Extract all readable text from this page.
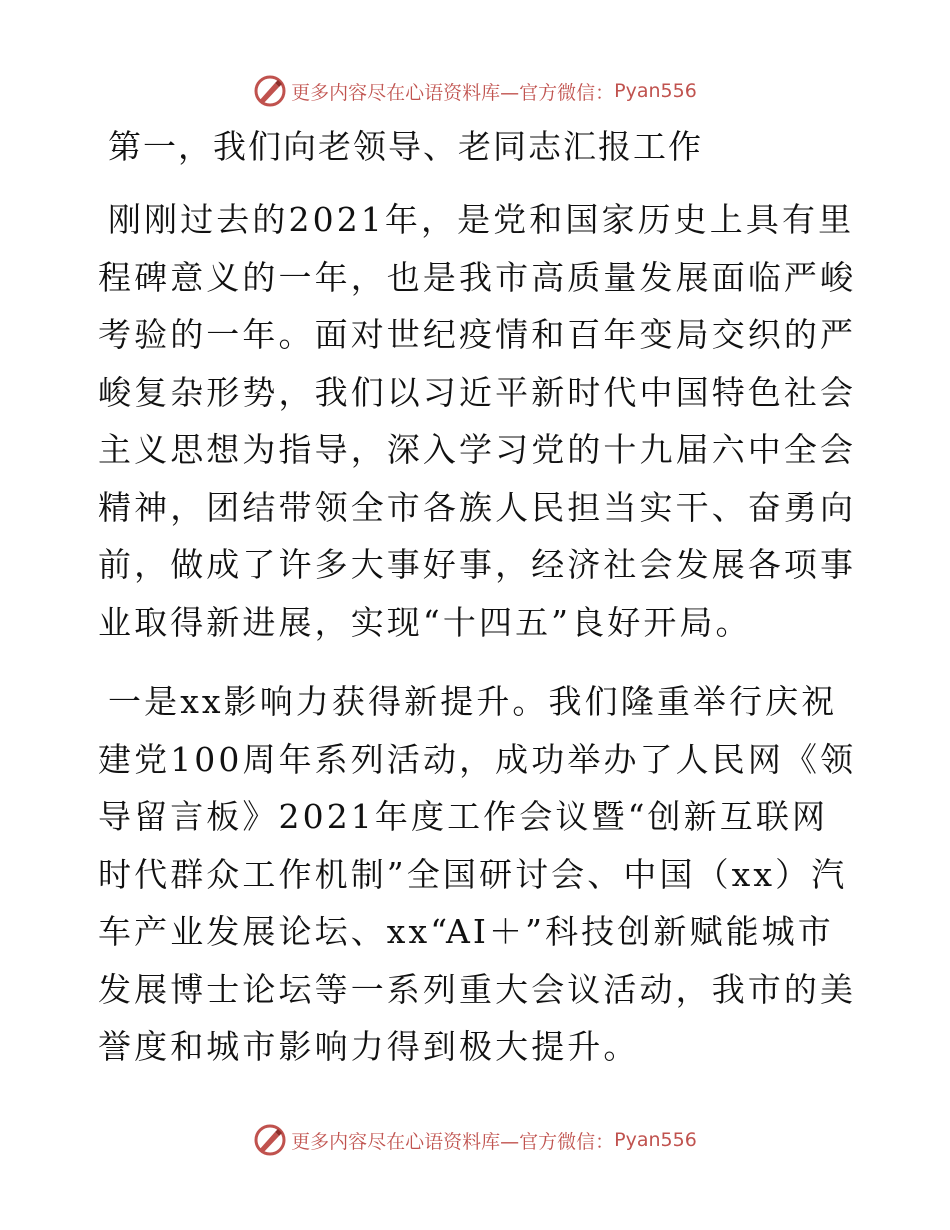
更多内容尽在心语资料库—官方微信： Pyan556
第一，我们向老领导、老同志汇报工作

刚刚过去的2021年，是党和国家历史上具有里程碑意义的一年，也是我市高质量发展面临严峻考验的一年。面对世纪疫情和百年变局交织的严峻复杂形势，我们以习近平新时代中国特色社会主义思想为指导，深入学习党的十九届六中全会精神，团结带领全市各族人民担当实干、奋勇向前，做成了许多大事好事，经济社会发展各项事业取得新进展，实现“十四五”良好开局。

一是xx影响力获得新提升。我们隆重举行庆祝建党100周年系列活动，成功举办了人民网《领导留言板》2021年度工作会议暨“创新互联网时代群众工作机制”全国研讨会、中国（xx）汽车产业发展论坛、xx“AI＋”科技创新赋能城市发展博士论坛等一系列重大会议活动，我市的美誉度和城市影响力得到极大提升。

更多内容尽在心语资料库—官方微信： Pyan556
